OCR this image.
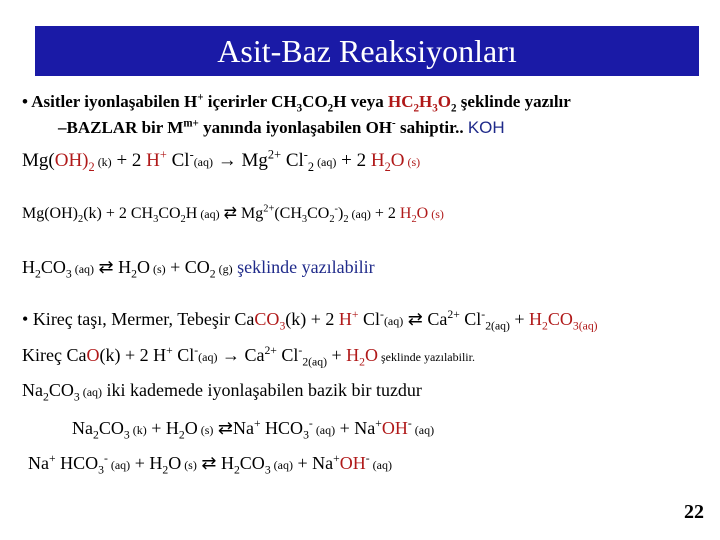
Asit-Baz Reaksiyonları
• Asitler iyonlaşabilen H+ içerirler $CH_3CO_2H$ veya $HC_2H_3O_2$ şeklinde yazılır
–BAZLAR bir $M^{m+}$ yanında iyonlaşabilen OH- sahiptir.. KOH
$Mg(OH)_2$ (k) + 2 H+ $Cl^-(aq) \to Mg^{2+}$ $Cl^-_2$ (aq) + 2 $H_2O$ (s)
$Mg(OH)_2(k) + 2$ $CH_3CO_2H$ (aq) ⇄ $Mg^{2+}(CH_3CO_2^-)_2$ (aq) + 2 $H_2O$ (s)
$H_2CO_3$ (aq) ⇄ $H_2O$ $(s) + CO_2$ (g) şeklinde yazılabilir
• Kireç taşı, Mermer, Tebeşir CaCO$_3$(k) + 2 H+ Cl-(aq) ⇄ $Ca^{2+}$ $Cl^-_{2(aq)} + H_2CO_{3(aq)}$
Kireç CaO(k) + 2 H+ $Cl^-(aq) \to Ca^{2+}$ $Cl^-_{2(aq)} + H_2O$ şeklinde yazılabilir.
$Na_2CO_3$ (aq) iki kademede iyonlaşabilen bazik bir tuzdur
$Na_2CO_3$ $(k) + H_2O$ (s) ⇄Na+ $HCO_3^-$ (aq) + Na+OH- (aq)
Na+ $HCO_3^-$ $(aq) + H_2O$ (s) ⇄ $H_2CO_3$ (aq) + Na+OH- (aq)
22
